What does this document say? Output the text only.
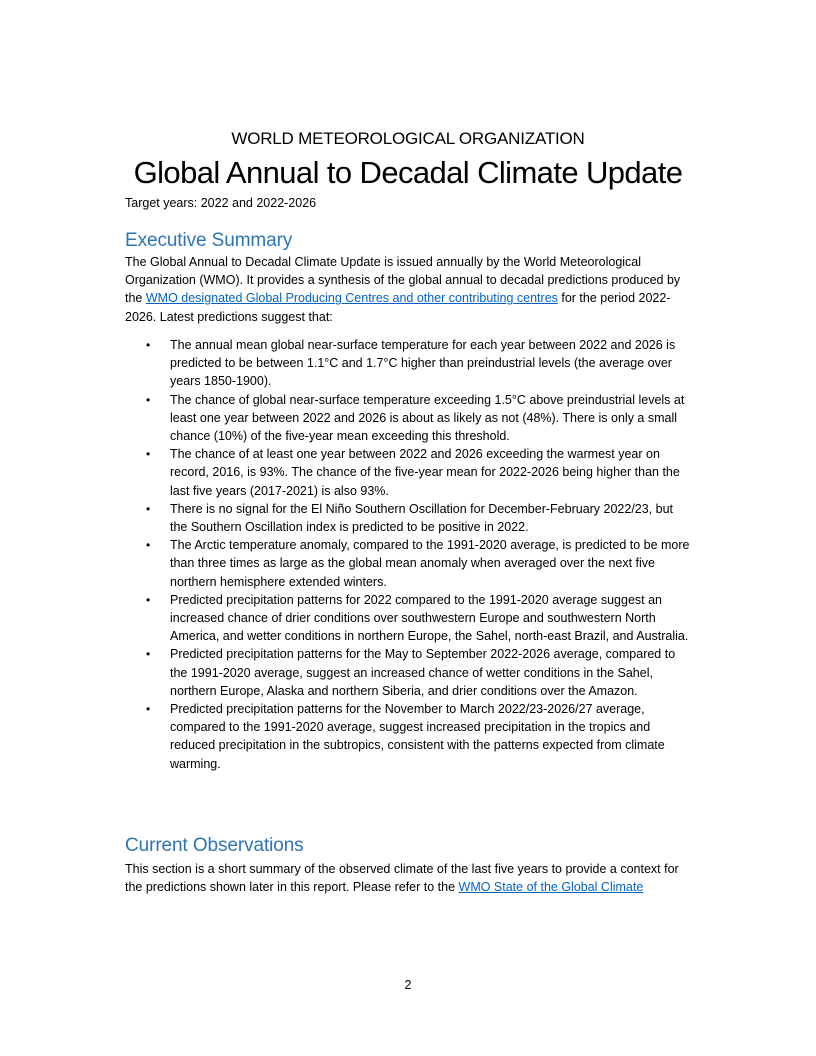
WORLD METEOROLOGICAL ORGANIZATION
Global Annual to Decadal Climate Update
Target years: 2022 and 2022-2026
Executive Summary
The Global Annual to Decadal Climate Update is issued annually by the World Meteorological Organization (WMO). It provides a synthesis of the global annual to decadal predictions produced by the WMO designated Global Producing Centres and other contributing centres for the period 2022-2026. Latest predictions suggest that:
• The annual mean global near-surface temperature for each year between 2022 and 2026 is predicted to be between 1.1°C and 1.7°C higher than preindustrial levels (the average over years 1850-1900).
• The chance of global near-surface temperature exceeding 1.5°C above preindustrial levels at least one year between 2022 and 2026 is about as likely as not (48%). There is only a small chance (10%) of the five-year mean exceeding this threshold.
• The chance of at least one year between 2022 and 2026 exceeding the warmest year on record, 2016, is 93%. The chance of the five-year mean for 2022-2026 being higher than the last five years (2017-2021) is also 93%.
• There is no signal for the El Niño Southern Oscillation for December-February 2022/23, but the Southern Oscillation index is predicted to be positive in 2022.
• The Arctic temperature anomaly, compared to the 1991-2020 average, is predicted to be more than three times as large as the global mean anomaly when averaged over the next five northern hemisphere extended winters.
• Predicted precipitation patterns for 2022 compared to the 1991-2020 average suggest an increased chance of drier conditions over southwestern Europe and southwestern North America, and wetter conditions in northern Europe, the Sahel, north-east Brazil, and Australia.
• Predicted precipitation patterns for the May to September 2022-2026 average, compared to the 1991-2020 average, suggest an increased chance of wetter conditions in the Sahel, northern Europe, Alaska and northern Siberia, and drier conditions over the Amazon.
• Predicted precipitation patterns for the November to March 2022/23-2026/27 average, compared to the 1991-2020 average, suggest increased precipitation in the tropics and reduced precipitation in the subtropics, consistent with the patterns expected from climate warming.
Current Observations
This section is a short summary of the observed climate of the last five years to provide a context for the predictions shown later in this report. Please refer to the WMO State of the Global Climate
2
